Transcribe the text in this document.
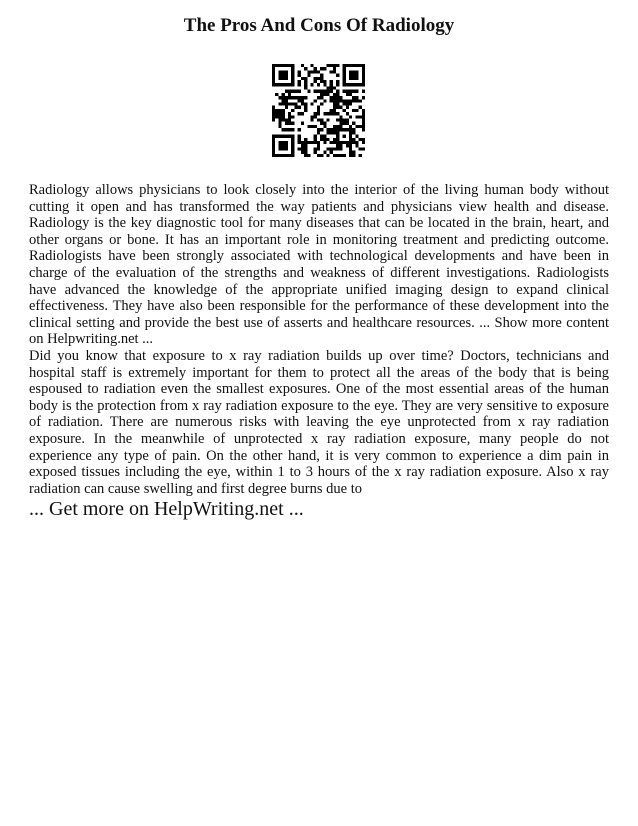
The Pros And Cons Of Radiology

Radiology allows physicians to look closely into the interior of the living human body without cutting it open and has transformed the way patients and physicians view health and disease. Radiology is the key diagnostic tool for many diseases that can be located in the brain, heart, and other organs or bone. It has an important role in monitoring treatment and predicting outcome. Radiologists have been strongly associated with technological developments and have been in charge of the evaluation of the strengths and weakness of different investigations. Radiologists have advanced the knowledge of the appropriate unified imaging design to expand clinical effectiveness. They have also been responsible for the performance of these development into the clinical setting and provide the best use of asserts and healthcare resources. ... Show more content on Helpwriting.net ...

Did you know that exposure to x ray radiation builds up over time? Doctors, technicians and hospital staff is extremely important for them to protect all the areas of the body that is being espoused to radiation even the smallest exposures. One of the most essential areas of the human body is the protection from x ray radiation exposure to the eye. They are very sensitive to exposure of radiation. There are numerous risks with leaving the eye unprotected from x ray radiation exposure. In the meanwhile of unprotected x ray radiation exposure, many people do not experience any type of pain. On the other hand, it is very common to experience a dim pain in exposed tissues including the eye, within 1 to 3 hours of the x ray radiation exposure. Also x ray radiation can cause swelling and first degree burns due to

... Get more on HelpWriting.net ...
